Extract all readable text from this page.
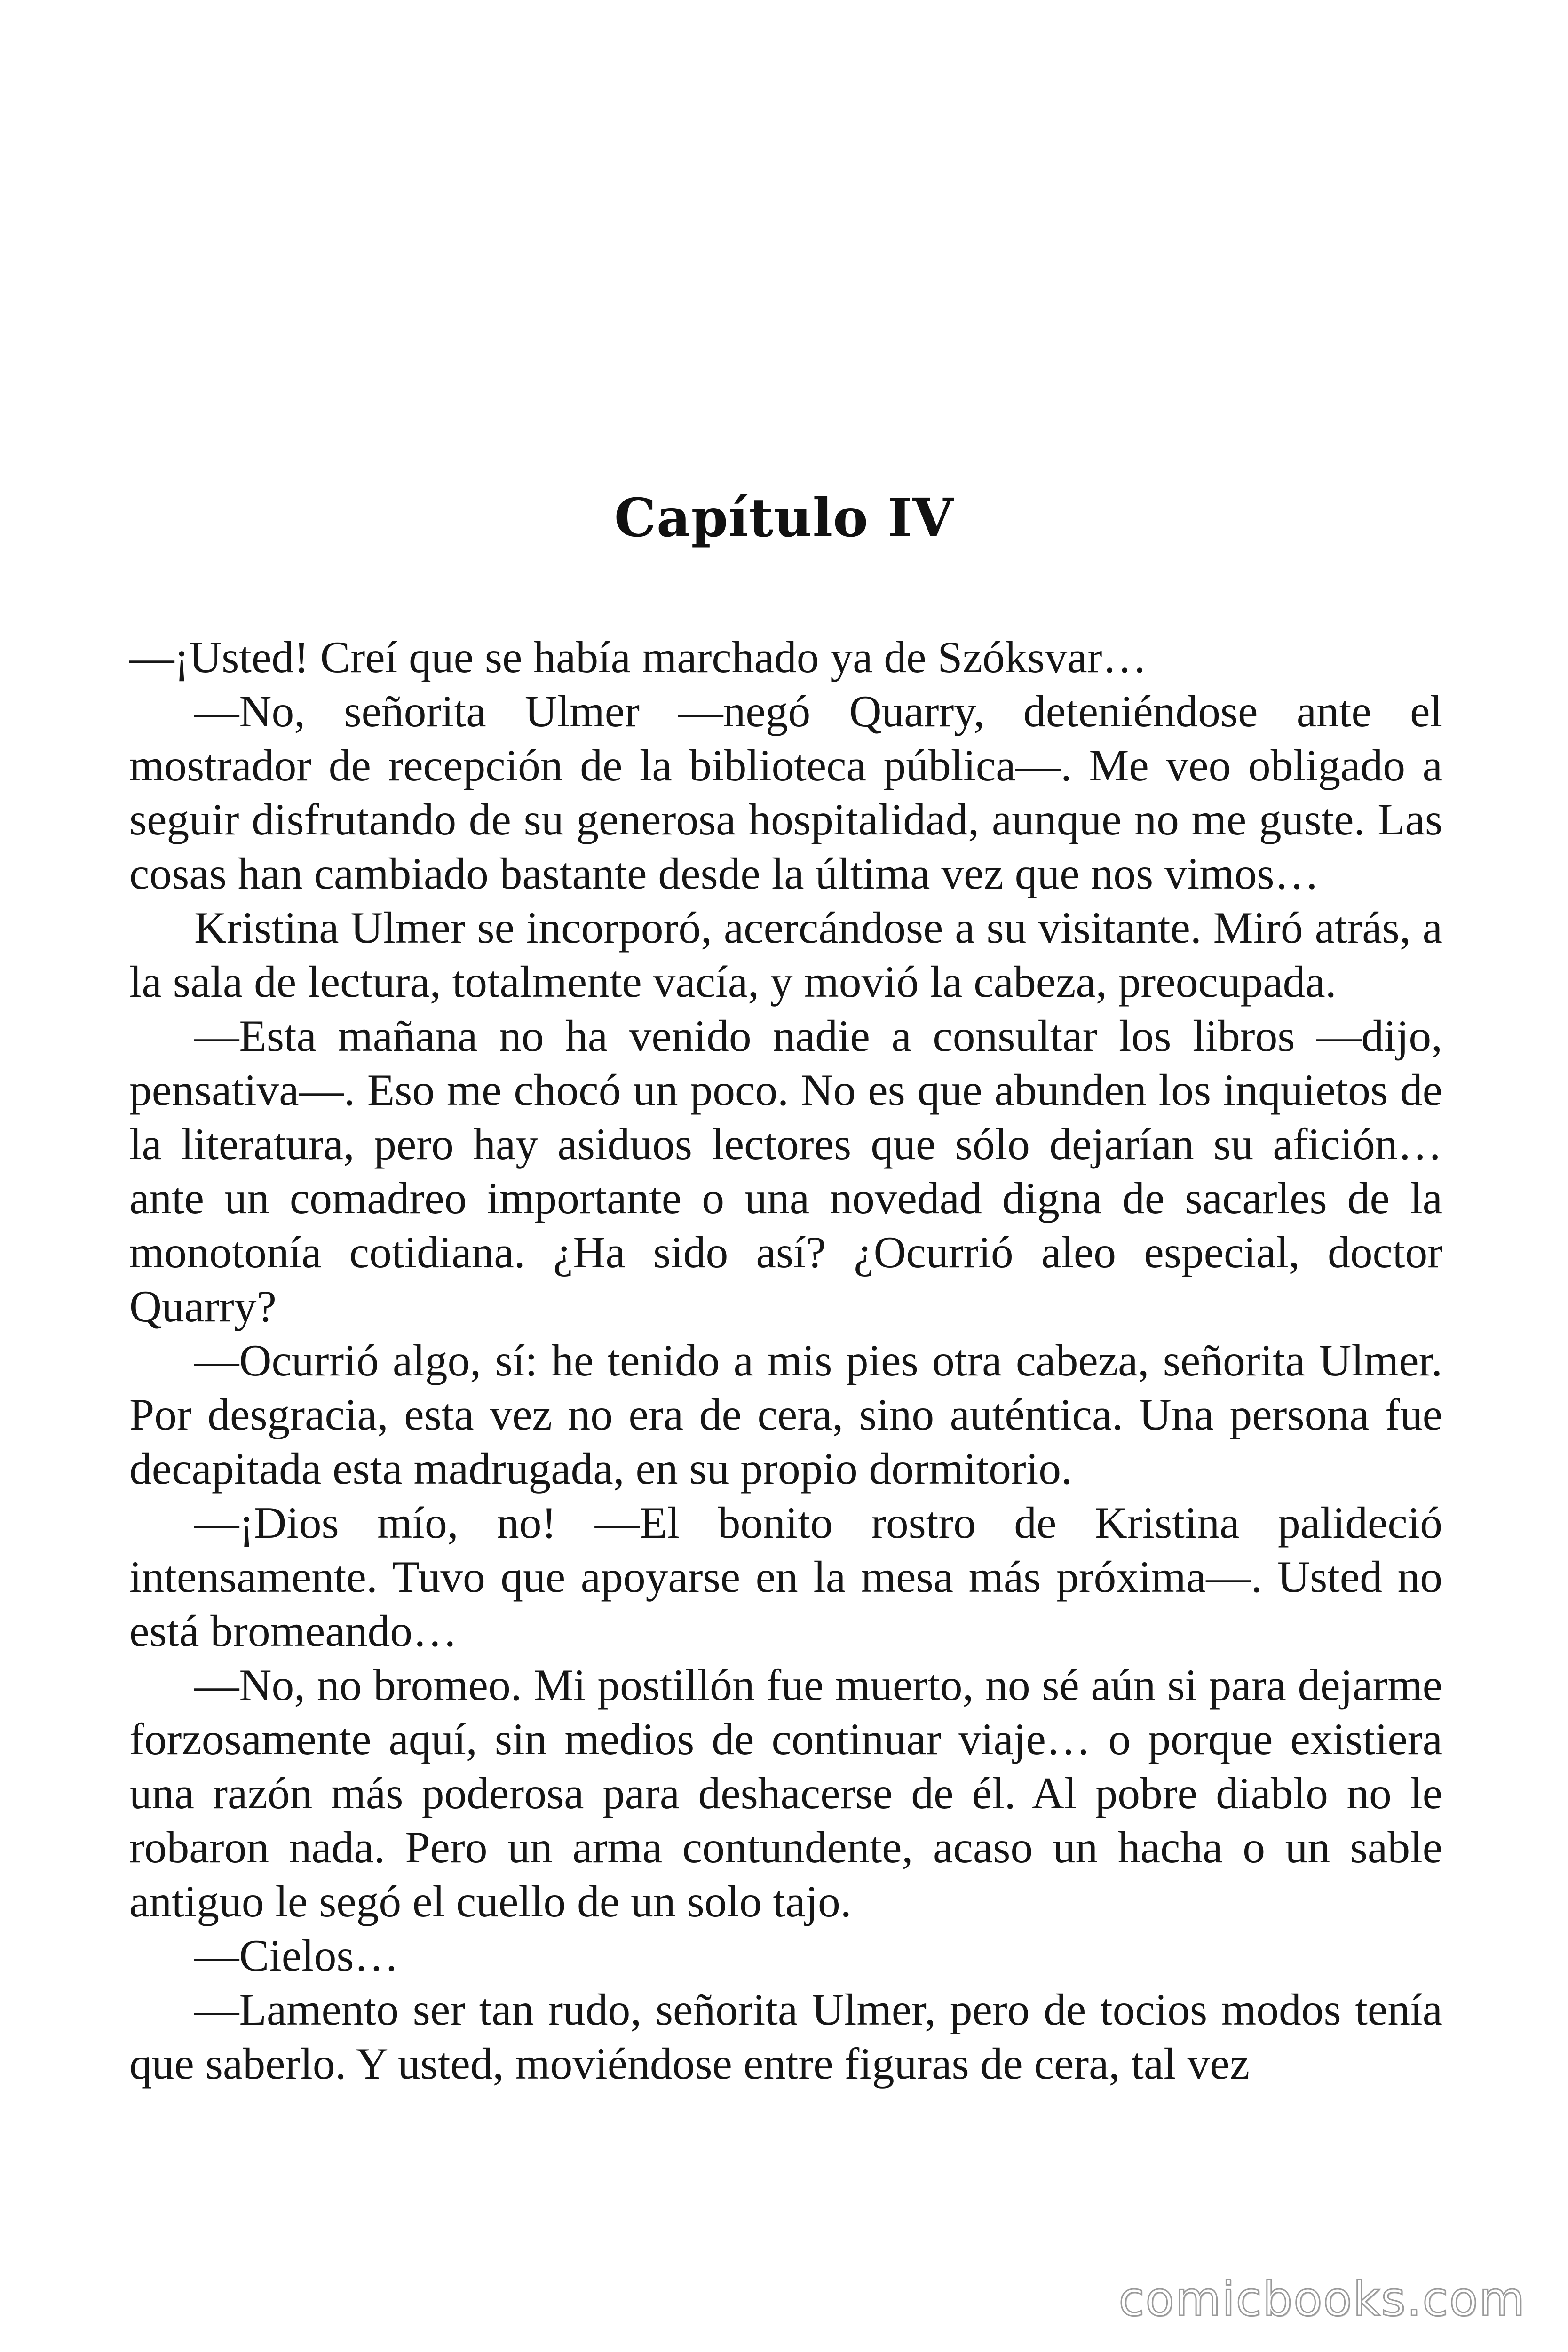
Capítulo IV

—¡Usted! Creí que se había marchado ya de Szóksvar…

—No, señorita Ulmer —negó Quarry, deteniéndose ante el mostrador de recepción de la biblioteca pública—. Me veo obligado a seguir disfrutando de su generosa hospitalidad, aunque no me guste. Las cosas han cambiado bastante desde la última vez que nos vimos…

Kristina Ulmer se incorporó, acercándose a su visitante. Miró atrás, a la sala de lectura, totalmente vacía, y movió la cabeza, preocupada.

—Esta mañana no ha venido nadie a consultar los libros —dijo, pensativa—. Eso me chocó un poco. No es que abunden los inquietos de la literatura, pero hay asiduos lectores que sólo dejarían su afición… ante un comadreo importante o una novedad digna de sacarles de la monotonía cotidiana. ¿Ha sido así? ¿Ocurrió aleo especial, doctor Quarry?

—Ocurrió algo, sí: he tenido a mis pies otra cabeza, señorita Ulmer. Por desgracia, esta vez no era de cera, sino auténtica. Una persona fue decapitada esta madrugada, en su propio dormitorio.

—¡Dios mío, no! —El bonito rostro de Kristina palideció intensamente. Tuvo que apoyarse en la mesa más próxima—. Usted no está bromeando…

—No, no bromeo. Mi postillón fue muerto, no sé aún si para dejarme forzosamente aquí, sin medios de continuar viaje… o porque existiera una razón más poderosa para deshacerse de él. Al pobre diablo no le robaron nada. Pero un arma contundente, acaso un hacha o un sable antiguo le segó el cuello de un solo tajo.

—Cielos…

—Lamento ser tan rudo, señorita Ulmer, pero de tocios modos tenía que saberlo. Y usted, moviéndose entre figuras de cera, tal vez

comicbooks.com
